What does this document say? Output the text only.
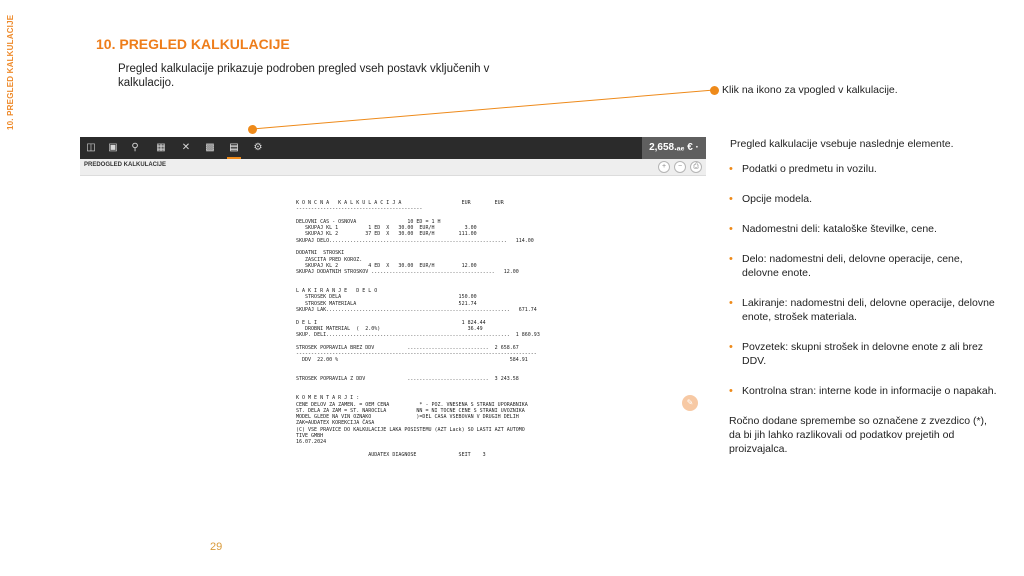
10. PREGLED KALKULACIJE	10. PREGLED KALKULACIJE
Pregled kalkulacije prikazuje podroben pregled vseh postavk vključenih v kalkulacijo.
Klik na ikono za vpogled v kalkulacije.
◫	▣	⚲	▦	✕	▩	▤	⚙	2,658.ₐₑ € ·
PREDOGLED KALKULACIJE	+	−	⎙
K O N C N A   K A L K U L A C I J A                    EUR        EUR
------------------------------------------

DELOVNI CAS - OSNOVA                 10 ED = 1 H
SKUPAJ KL 1          1 ED  X   30.00  EUR/H          3.00
SKUPAJ KL 2         37 ED  X   30.00  EUR/H        111.00
SKUPAJ DELO...........................................................   114.00

DODATNI  STROSKI
ZASCITA PRED KOROZ.
SKUPAJ KL 2          4 ED  X   30.00  EUR/H         12.00
SKUPAJ DODATNIH STROSKOV .........................................   12.00

L A K I R A N J E   D E L O
STROSEK DELA                                       150.00
STROSEK MATERIALA                                  521.74
SKUPAJ LAK.............................................................   671.74

D E L I                                                1 824.44
DROBNI MATERIAL  (  2.0%)                             36.49
SKUP. DELI.............................................................  1 860.93

STROSEK POPRAVILA BREZ DDV           ...........................  2 658.67
--------------------------------------------------------------------------------
DDV  22.00 %                                                         584.91

STROSEK POPRAVILA Z DDV              ...........................  3 243.58

K O M E N T A R J I :
CENE DELOV ZA ZAMEN. = OEM CENA          * - POZ. VNESENA S STRANI UPORABNIKA
ST. DELA ZA ZAM = ST. NAROCILA          NN = NI TOCNE CENE S STRANI UVOZNIKA
MODEL GLEDE NA VIN OZNAKO               )=DEL CASA VSEBOVAN V DRUGIH DELIH
ZAK=AUDATEX KOREKCIJA ČASA
(C) VSE PRAVICE DO KALKULACIJE LAKA POSISTEMU (AZT Lack) SO LASTI AZT AUTOMO
TIVE GMBH
16.07.2024

AUDATEX DIAGNOSE              SEIT    3
✎
Pregled kalkulacije vsebuje naslednje elemente.
• Podatki o predmetu in vozilu.
• Opcije modela.
• Nadomestni deli: kataloške številke, cene.
• Delo: nadomestni deli, delovne operacije, cene, delovne enote.
• Lakiranje: nadomestni deli, delovne operacije, delovne enote, strošek materiala.
• Povzetek: skupni strošek in delovne enote z ali brez DDV.
• Kontrolna stran: interne kode in informacije o napakah.
Ročno dodane spremembe so označene z zvezdico (*), da bi jih lahko razlikovali od podatkov prejetih od proizvajalca.
29
